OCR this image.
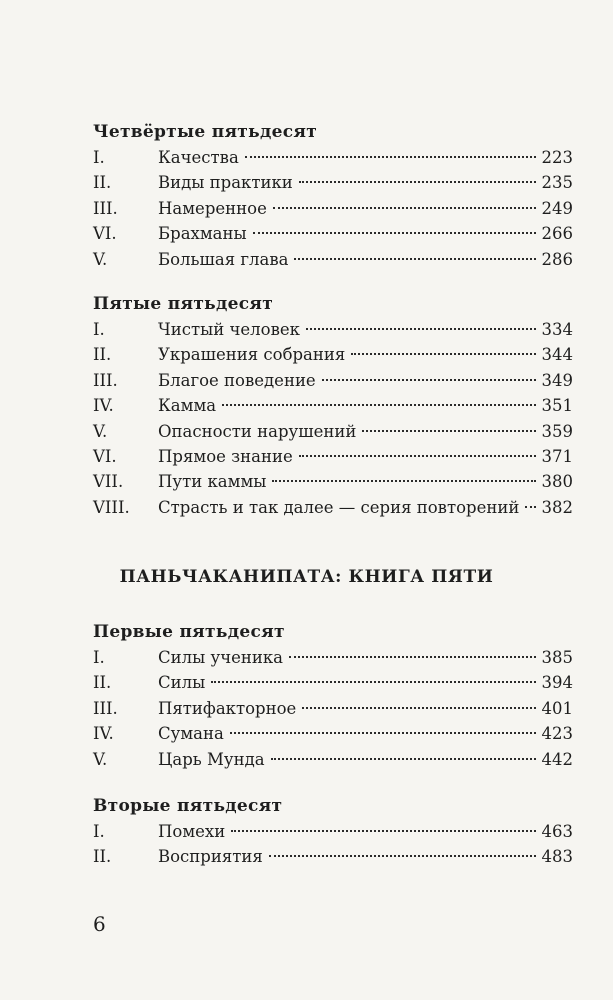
Четвёртые пятьдесят
I.	Качества	223
II.	Виды практики	235
III. Намеренное	249
VI.	Брахманы	266
V.	Большая глава	286
Пятые пятьдесят
I.	Чистый человек	334
II.	Украшения собрания	344
III. Благое поведение	349
IV.	Камма	351
V.	Опасности нарушений	359
VI.	Прямое знание	371
VII. Пути каммы	380
VIII. Страсть и так далее — серия повторений 382
ПАНЬЧАКАНИПАТА: КНИГА ПЯТИ
Первые пятьдесят
I.	Силы ученика	385
II.	Силы	394
III. Пятифакторное	401
IV.	Сумана	423
V.	Царь Мунда	442
Вторые пятьдесят
I.	Помехи	463
II.	Восприятия	483
6
